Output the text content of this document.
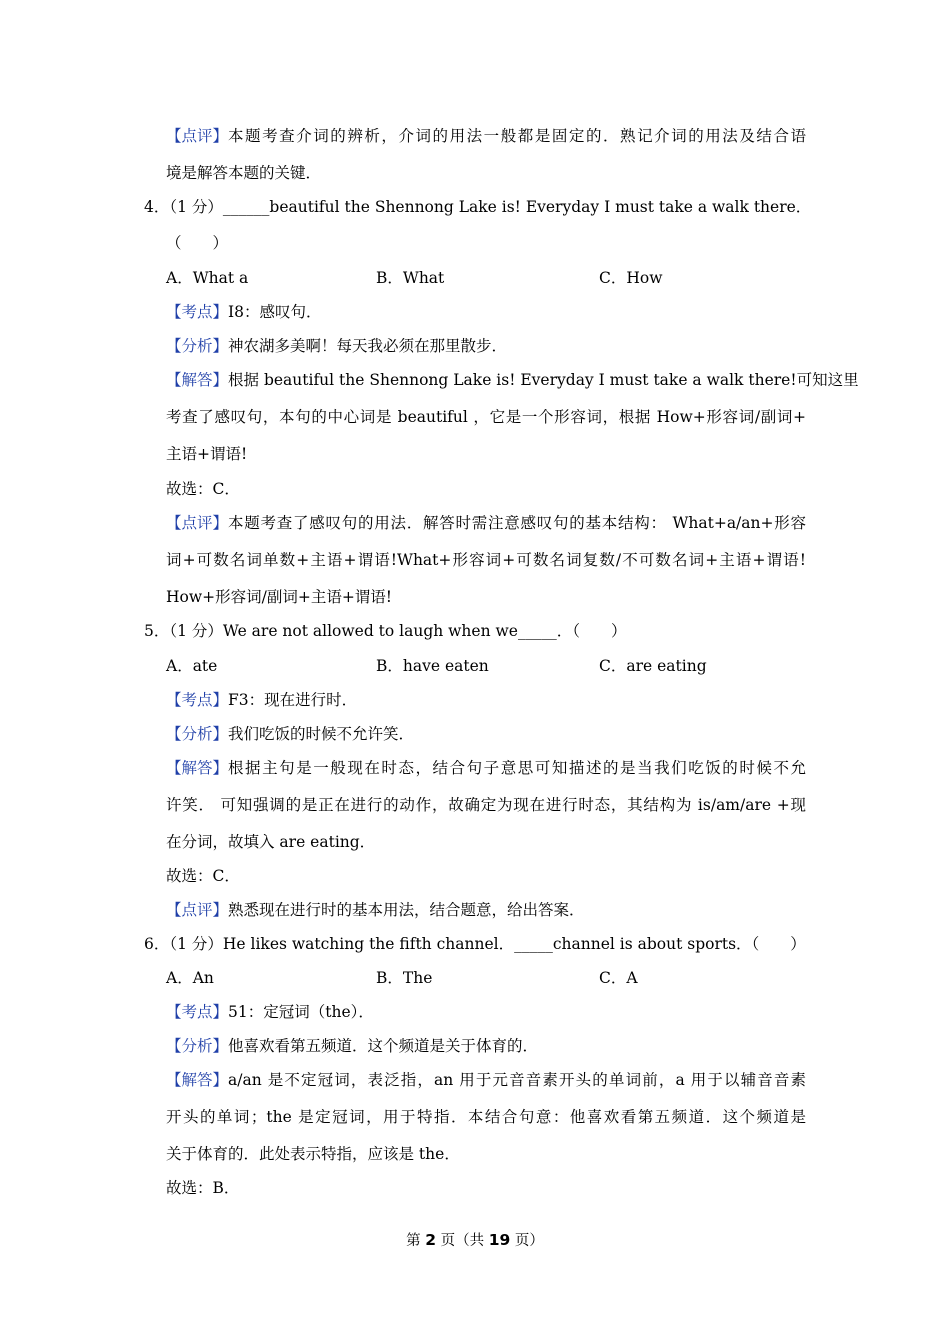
【点评】 本题考查介词的辨析，介词的用法一般都是固定的．熟记介词的用法及结合语
境是解答本题的关键．
4．（1 分）______beautiful the Shennong Lake is! Everyday I must take a walk there．
（　　）
A．What a	B．What	C．How
【考点】I8：感叹句．
【分析】神农湖多美啊！每天我必须在那里散步．
【解答】 根据 beautiful the Shennong Lake is! Everyday I must take a walk there!可知这里
考查了感叹句，本句的中心词是 beautiful ，它是一个形容词，根据 How+形容词/副词+
主语+谓语!
故选：C．
【点评】 本题考查了感叹句的用法．解答时需注意感叹句的基本结构： What+a/an+形容
词+可数名词单数+主语+谓语!What+形容词+可数名词复数/不可数名词+主语+谓语!
How+形容词/副词+主语+谓语!
5．（1 分）We are not allowed to laugh when we_____．（　　）
A．ate	B．have eaten	C．are eating
【考点】F3：现在进行时．
【分析】我们吃饭的时候不允许笑．
【解答】 根据主句是一般现在时态，结合句子意思可知描述的是当我们吃饭的时候不允
许笑． 可知强调的是正在进行的动作，故确定为现在进行时态，其结构为 is/am/are +现
在分词，故填入 are eating．
故选：C．
【点评】熟悉现在进行时的基本用法，结合题意，给出答案．
6．（1 分）He likes watching the fifth channel．_____channel is about sports．（　　）
A．An	B．The	C．A
【考点】51：定冠词（the）．
【分析】他喜欢看第五频道．这个频道是关于体育的．
【解答】 a/an 是不定冠词，表泛指，an 用于元音音素开头的单词前，a 用于以辅音音素
开头的单词；the 是定冠词，用于特指．本结合句意：他喜欢看第五频道．这个频道是
关于体育的．此处表示特指，应该是 the．
故选：B．
第 2 页（共 19 页）
